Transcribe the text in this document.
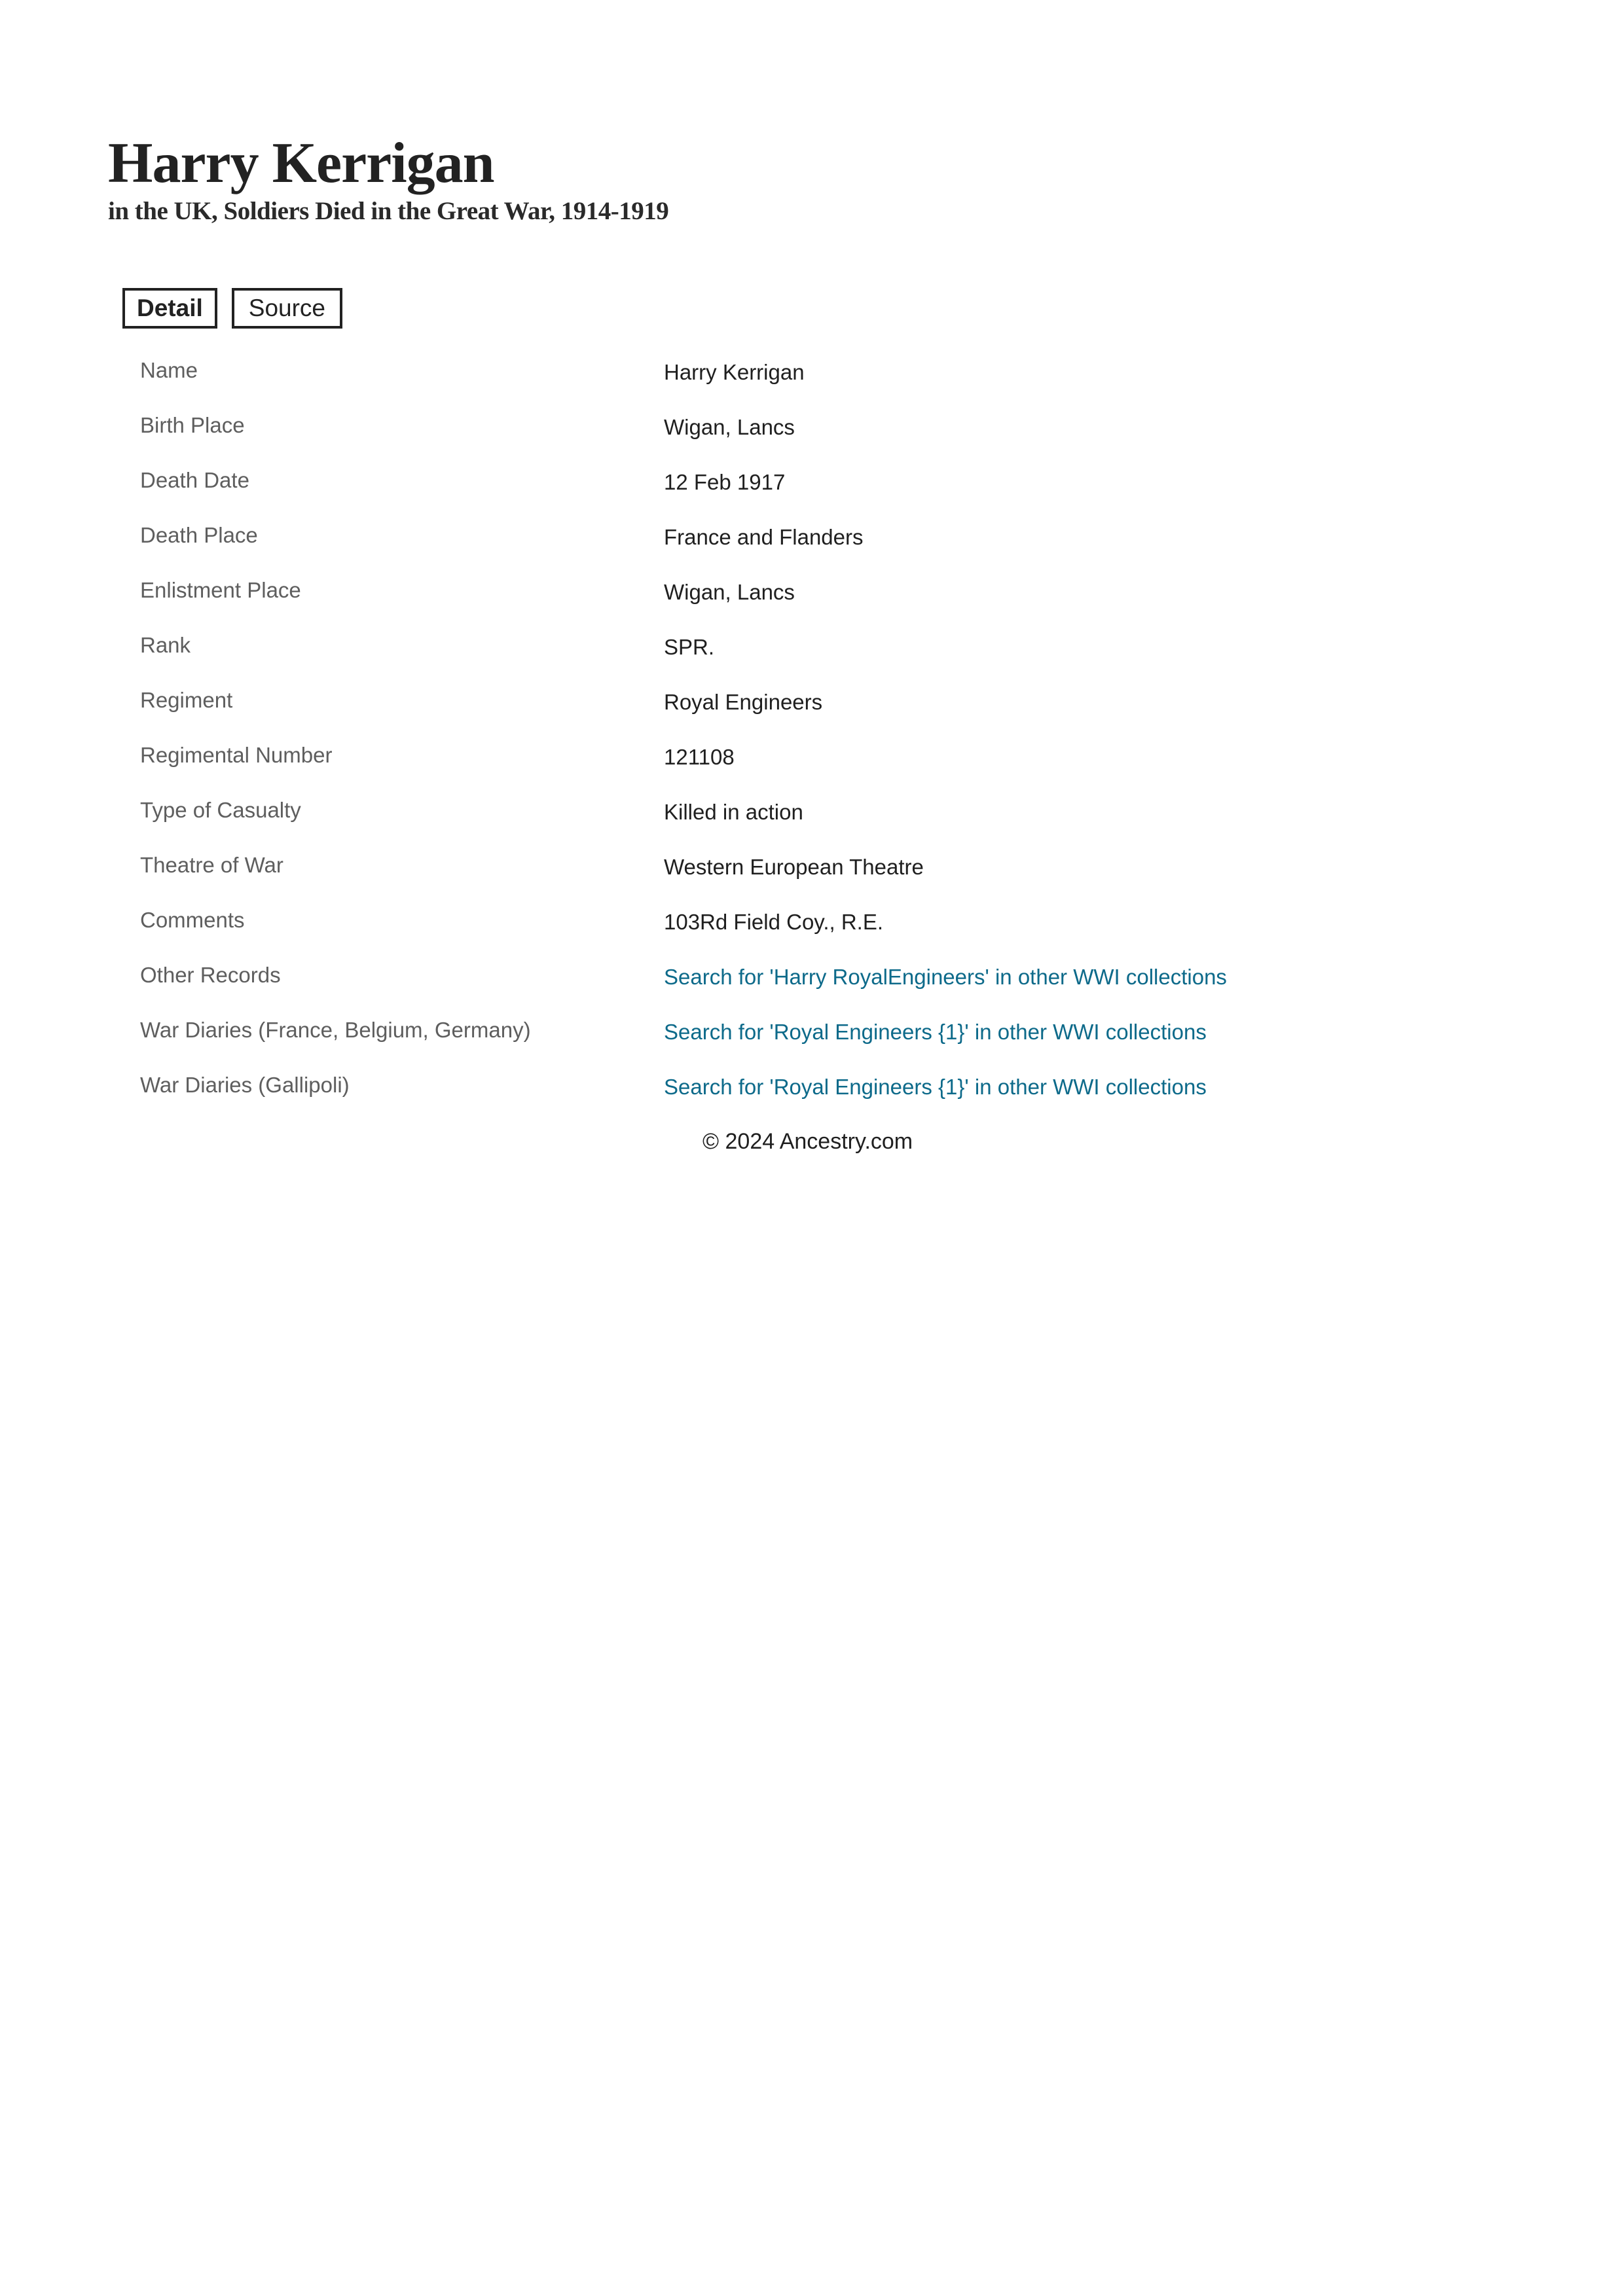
Harry Kerrigan
in the UK, Soldiers Died in the Great War, 1914-1919
Detail	Source
Name	Harry Kerrigan
Birth Place	Wigan, Lancs
Death Date	12 Feb 1917
Death Place	France and Flanders
Enlistment Place	Wigan, Lancs
Rank	SPR.
Regiment	Royal Engineers
Regimental Number	121108
Type of Casualty	Killed in action
Theatre of War	Western European Theatre
Comments	103Rd Field Coy., R.E.
Other Records	Search for 'Harry RoyalEngineers' in other WWI collections
War Diaries (France, Belgium, Germany)	Search for 'Royal Engineers {1}' in other WWI collections
War Diaries (Gallipoli)	Search for 'Royal Engineers {1}' in other WWI collections
© 2024 Ancestry.com
